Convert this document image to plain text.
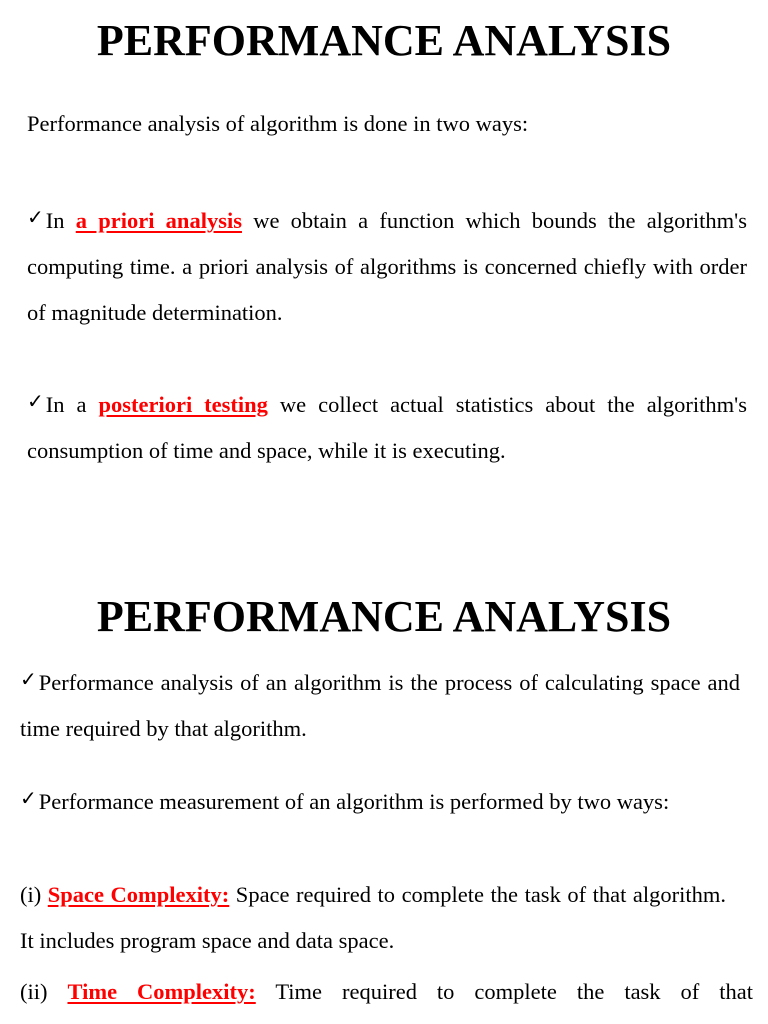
PERFORMANCE ANALYSIS

Performance analysis of algorithm is done in two ways:

✓In a priori analysis we obtain a function which bounds the algorithm's computing time. a priori analysis of algorithms is concerned chiefly with order of magnitude determination.

✓In a posteriori testing we collect actual statistics about the algorithm's consumption of time and space, while it is executing.

PERFORMANCE ANALYSIS

✓Performance analysis of an algorithm is the process of calculating space and time required by that algorithm.

✓Performance measurement of an algorithm is performed by two ways:

(i) Space Complexity: Space required to complete the task of that algorithm. It includes program space and data space.

(ii) Time Complexity: Time required to complete the task of that
